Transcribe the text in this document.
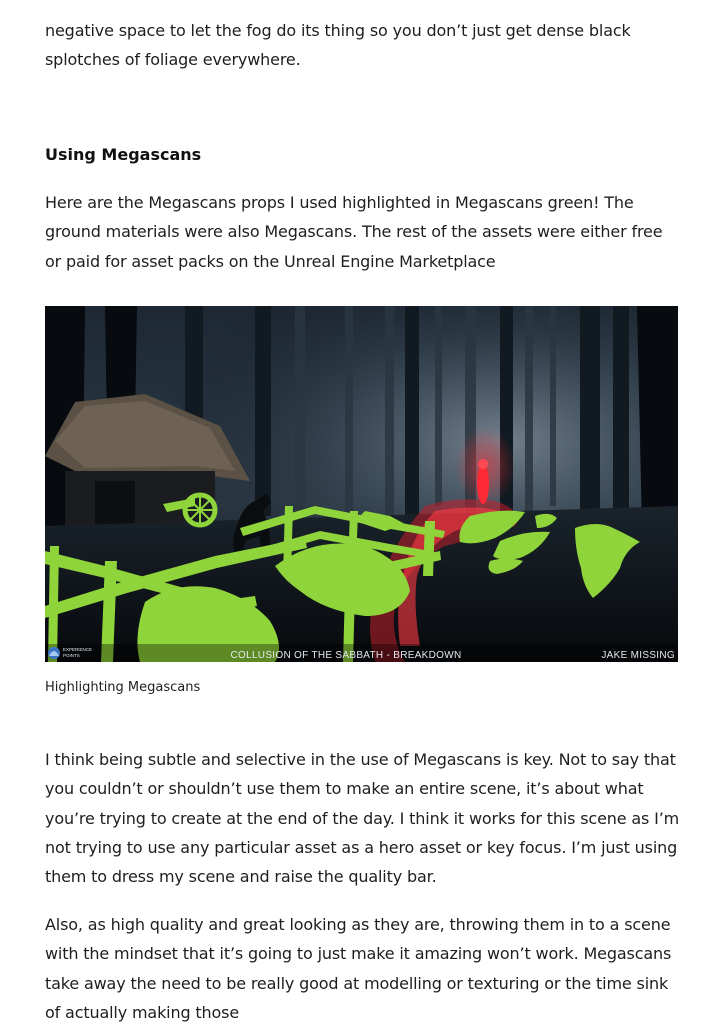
negative space to let the fog do its thing so you don’t just get dense black splotches of foliage everywhere.

Using Megascans

Here are the Megascans props I used highlighted in Megascans green! The ground materials were also Megascans. The rest of the assets were either free or paid for asset packs on the Unreal Engine Marketplace

EXPERIENCE
POINTS	COLLUSION OF THE SABBATH - BREAKDOWN	JAKE MISSING

Highlighting Megascans

I think being subtle and selective in the use of Megascans is key. Not to say that you couldn’t or shouldn’t use them to make an entire scene, it’s about what you’re trying to create at the end of the day. I think it works for this scene as I’m not trying to use any particular asset as a hero asset or key focus. I’m just using them to dress my scene and raise the quality bar.

Also, as high quality and great looking as they are, throwing them in to a scene with the mindset that it’s going to just make it amazing won’t work. Megascans take away the need to be really good at modelling or texturing or the time sink of actually making those
